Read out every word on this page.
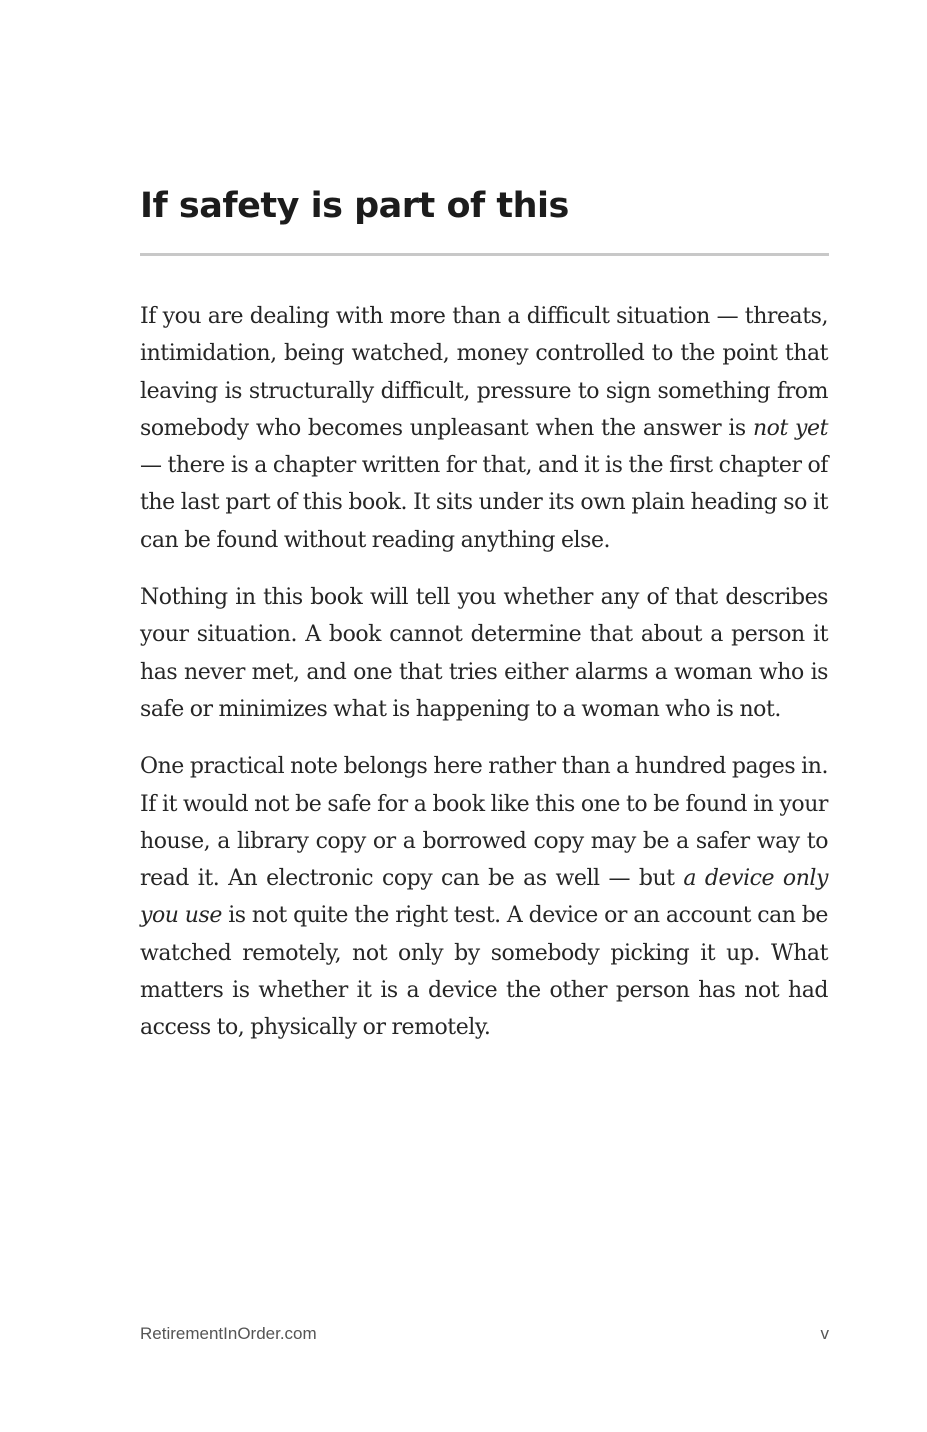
If safety is part of this

If you are dealing with more than a difficult situation — threats, intimidation, being watched, money controlled to the point that leaving is structurally difficult, pressure to sign something from somebody who becomes unpleasant when the answer is not yet — there is a chapter written for that, and it is the first chapter of the last part of this book. It sits under its own plain heading so it can be found without reading anything else.

Nothing in this book will tell you whether any of that describes your situation. A book cannot determine that about a person it has never met, and one that tries either alarms a woman who is safe or minimizes what is happening to a woman who is not.

One practical note belongs here rather than a hundred pages in. If it would not be safe for a book like this one to be found in your house, a library copy or a borrowed copy may be a safer way to read it. An electronic copy can be as well — but a device only you use is not quite the right test. A device or an account can be watched remotely, not only by somebody picking it up. What matters is whether it is a device the other person has not had access to, physically or remotely.

RetirementInOrder.com	v
